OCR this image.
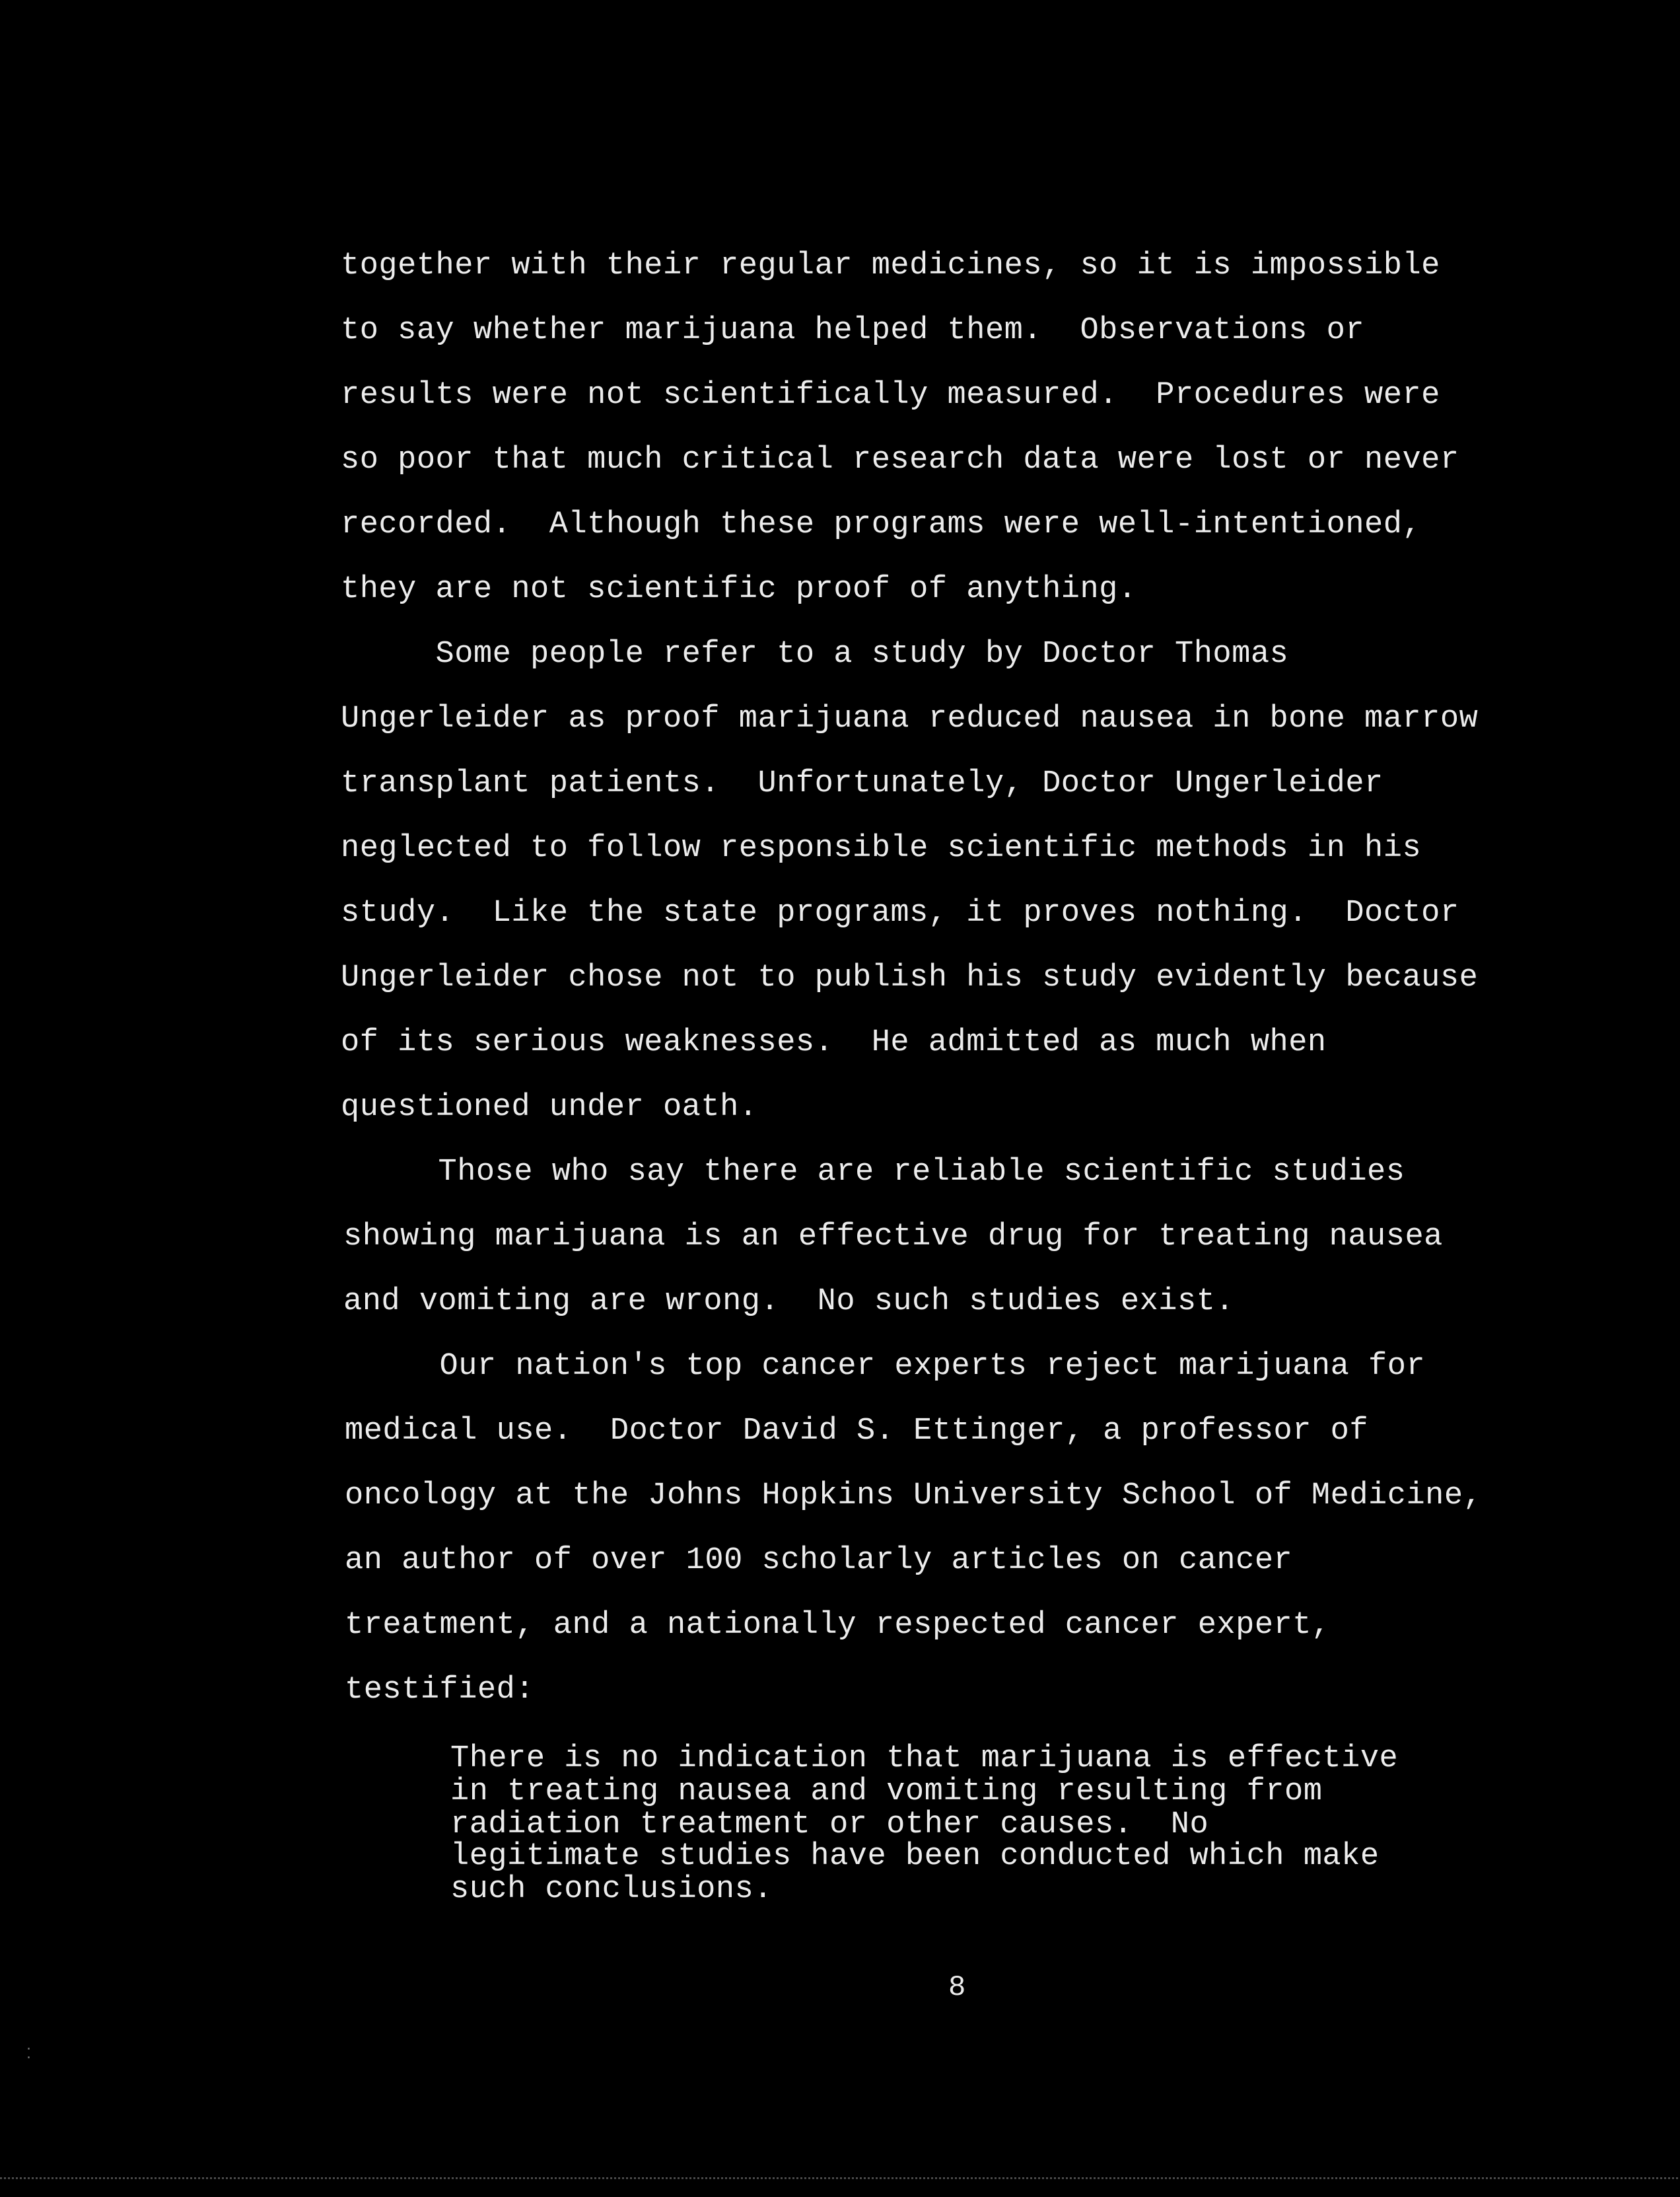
together with their regular medicines, so it is impossible

to say whether marijuana helped them.  Observations or

results were not scientifically measured.  Procedures were

so poor that much critical research data were lost or never

recorded.  Although these programs were well-intentioned,

they are not scientific proof of anything.

Some people refer to a study by Doctor Thomas

Ungerleider as proof marijuana reduced nausea in bone marrow

transplant patients.  Unfortunately, Doctor Ungerleider

neglected to follow responsible scientific methods in his

study.  Like the state programs, it proves nothing.  Doctor

Ungerleider chose not to publish his study evidently because

of its serious weaknesses.  He admitted as much when

questioned under oath.

Those who say there are reliable scientific studies

showing marijuana is an effective drug for treating nausea

and vomiting are wrong.  No such studies exist.

Our nation's top cancer experts reject marijuana for

medical use.  Doctor David S. Ettinger, a professor of

oncology at the Johns Hopkins University School of Medicine,

an author of over 100 scholarly articles on cancer

treatment, and a nationally respected cancer expert,

testified:

There is no indication that marijuana is effective

in treating nausea and vomiting resulting from

radiation treatment or other causes.  No

legitimate studies have been conducted which make

such conclusions.

8

⁚
